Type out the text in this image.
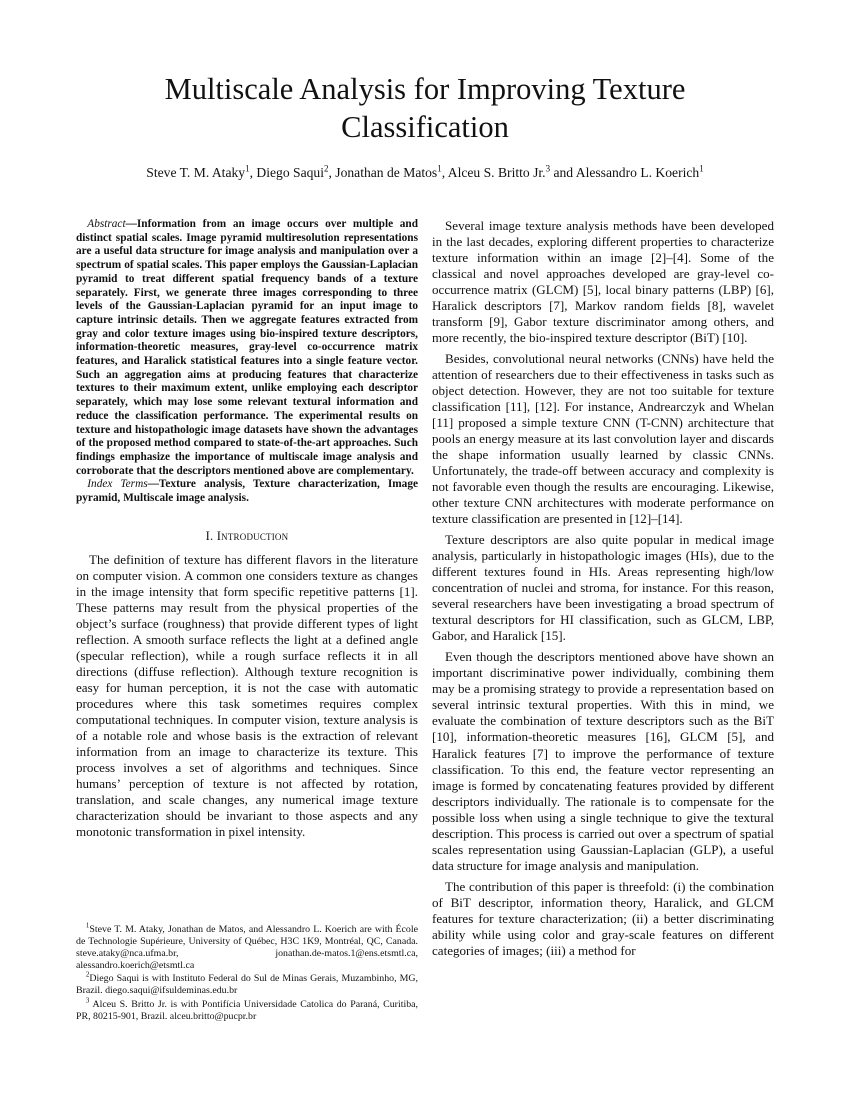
Multiscale Analysis for Improving Texture Classification
Steve T. M. Ataky$^1$, Diego Saqui$^2$, Jonathan de Matos$^1$, Alceu S. Britto Jr.$^3$ and Alessandro L. Koerich$^1$

Abstract—Information from an image occurs over multiple and distinct spatial scales. Image pyramid multiresolution representations are a useful data structure for image analysis and manipulation over a spectrum of spatial scales. This paper employs the Gaussian-Laplacian pyramid to treat different spatial frequency bands of a texture separately. First, we generate three images corresponding to three levels of the Gaussian-Laplacian pyramid for an input image to capture intrinsic details. Then we aggregate features extracted from gray and color texture images using bio-inspired texture descriptors, information-theoretic measures, gray-level co-occurrence matrix features, and Haralick statistical features into a single feature vector. Such an aggregation aims at producing features that characterize textures to their maximum extent, unlike employing each descriptor separately, which may lose some relevant textural information and reduce the classification performance. The experimental results on texture and histopathologic image datasets have shown the advantages of the proposed method compared to state-of-the-art approaches. Such findings emphasize the importance of multiscale image analysis and corroborate that the descriptors mentioned above are complementary.

Index Terms—Texture analysis, Texture characterization, Image pyramid, Multiscale image analysis.

I. Introduction

The definition of texture has different flavors in the literature on computer vision. A common one considers texture as changes in the image intensity that form specific repetitive patterns [1]. These patterns may result from the physical properties of the object’s surface (roughness) that provide different types of light reflection. A smooth surface reflects the light at a defined angle (specular reflection), while a rough surface reflects it in all directions (diffuse reflection). Although texture recognition is easy for human perception, it is not the case with automatic procedures where this task sometimes requires complex computational techniques. In computer vision, texture analysis is of a notable role and whose basis is the extraction of relevant information from an image to characterize its texture. This process involves a set of algorithms and techniques. Since humans’ perception of texture is not affected by rotation, translation, and scale changes, any numerical image texture characterization should be invariant to those aspects and any monotonic transformation in pixel intensity.

$^1$Steve T. M. Ataky, Jonathan de Matos, and Alessandro L. Koerich are with École de Technologie Supérieure, University of Québec, H3C 1K9, Montréal, QC, Canada. steve.ataky@nca.ufma.br, jonathan.de-matos.1@ens.etsmtl.ca, alessandro.koerich@etsmtl.ca

$^2$Diego Saqui is with Instituto Federal do Sul de Minas Gerais, Muzambinho, MG, Brazil. diego.saqui@ifsuldeminas.edu.br

$^3$ Alceu S. Britto Jr. is with Pontifícia Universidade Catolica do Paraná, Curitiba, PR, 80215-901, Brazil. alceu.britto@pucpr.br

Several image texture analysis methods have been developed in the last decades, exploring different properties to characterize texture information within an image [2]–[4]. Some of the classical and novel approaches developed are gray-level co-occurrence matrix (GLCM) [5], local binary patterns (LBP) [6], Haralick descriptors [7], Markov random fields [8], wavelet transform [9], Gabor texture discriminator among others, and more recently, the bio-inspired texture descriptor (BiT) [10].

Besides, convolutional neural networks (CNNs) have held the attention of researchers due to their effectiveness in tasks such as object detection. However, they are not too suitable for texture classification [11], [12]. For instance, Andrearczyk and Whelan [11] proposed a simple texture CNN (T-CNN) architecture that pools an energy measure at its last convolution layer and discards the shape information usually learned by classic CNNs. Unfortunately, the trade-off between accuracy and complexity is not favorable even though the results are encouraging. Likewise, other texture CNN architectures with moderate performance on texture classification are presented in [12]–[14].

Texture descriptors are also quite popular in medical image analysis, particularly in histopathologic images (HIs), due to the different textures found in HIs. Areas representing high/low concentration of nuclei and stroma, for instance. For this reason, several researchers have been investigating a broad spectrum of textural descriptors for HI classification, such as GLCM, LBP, Gabor, and Haralick [15].

Even though the descriptors mentioned above have shown an important discriminative power individually, combining them may be a promising strategy to provide a representation based on several intrinsic textural properties. With this in mind, we evaluate the combination of texture descriptors such as the BiT [10], information-theoretic measures [16], GLCM [5], and Haralick features [7] to improve the performance of texture classification. To this end, the feature vector representing an image is formed by concatenating features provided by different descriptors individually. The rationale is to compensate for the possible loss when using a single technique to give the textural description. This process is carried out over a spectrum of spatial scales representation using Gaussian-Laplacian (GLP), a useful data structure for image analysis and manipulation.

The contribution of this paper is threefold: (i) the combination of BiT descriptor, information theory, Haralick, and GLCM features for texture characterization; (ii) a better discriminating ability while using color and gray-scale features on different categories of images; (iii) a method for
